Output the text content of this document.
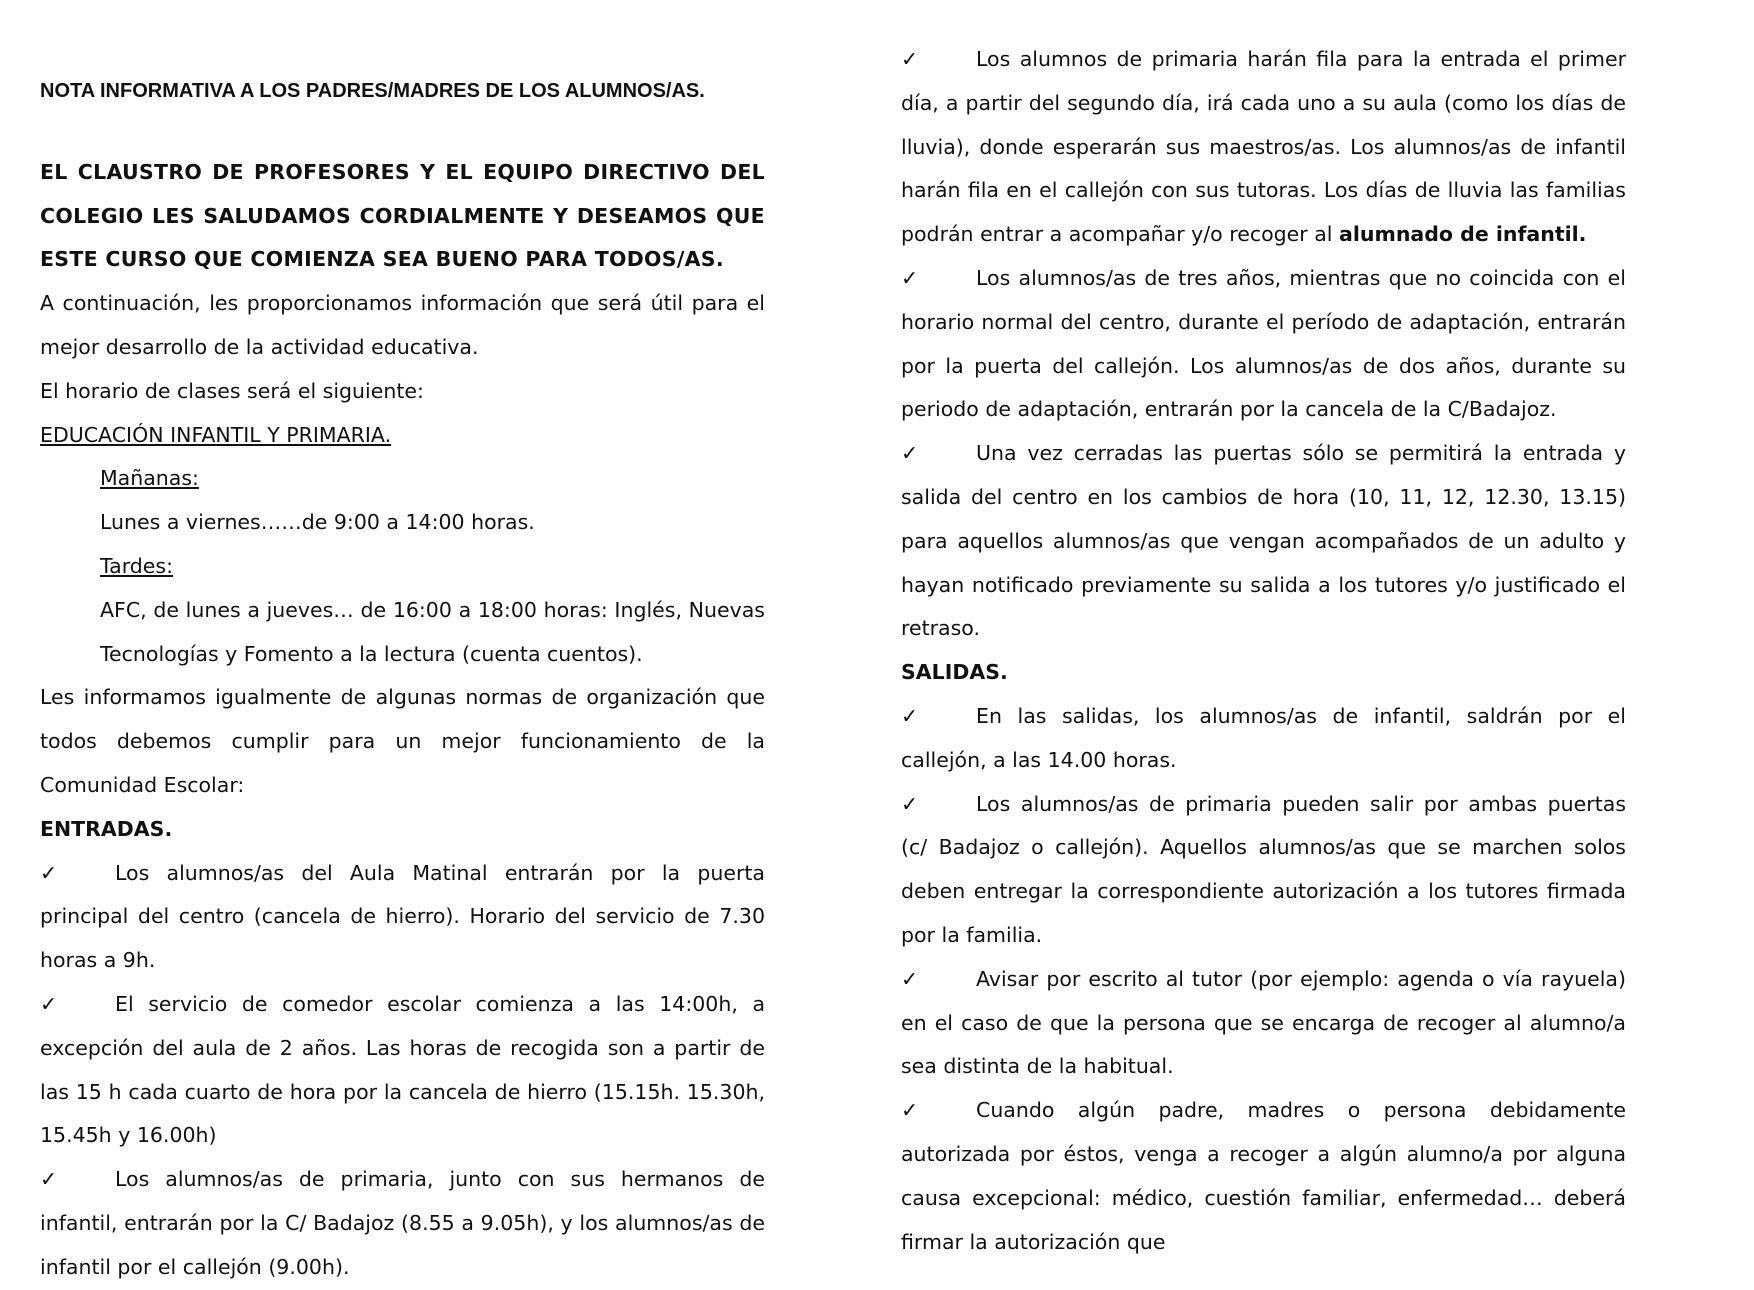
NOTA INFORMATIVA A LOS PADRES/MADRES DE LOS ALUMNOS/AS.

EL CLAUSTRO DE PROFESORES Y EL EQUIPO DIRECTIVO DEL COLEGIO LES SALUDAMOS CORDIALMENTE Y DESEAMOS QUE ESTE CURSO QUE COMIENZA SEA BUENO PARA TODOS/AS.

A continuación, les proporcionamos información que será útil para el mejor desarrollo de la actividad educativa.

El horario de clases será el siguiente:

EDUCACIÓN INFANTIL Y PRIMARIA.

Mañanas:

Lunes a viernes……de 9:00 a 14:00 horas.

Tardes:

AFC, de lunes a jueves… de 16:00 a 18:00 horas: Inglés, Nuevas Tecnologías y Fomento a la lectura (cuenta cuentos).

Les informamos igualmente de algunas normas de organización que todos debemos cumplir para un mejor funcionamiento de la Comunidad Escolar:

ENTRADAS.

✓	Los alumnos/as del Aula Matinal entrarán por la puerta principal del centro (cancela de hierro). Horario del servicio de 7.30 horas a 9h.

✓	El servicio de comedor escolar comienza a las 14:00h, a excepción del aula de 2 años. Las horas de recogida son a partir de las 15 h cada cuarto de hora por la cancela de hierro (15.15h. 15.30h, 15.45h y 16.00h)

✓	Los alumnos/as de primaria, junto con sus hermanos de infantil, entrarán por la C/ Badajoz (8.55 a 9.05h), y los alumnos/as de infantil por el callejón (9.00h).

✓	Los alumnos de primaria harán fila para la entrada el primer día, a partir del segundo día, irá cada uno a su aula (como los días de lluvia), donde esperarán sus maestros/as. Los alumnos/as de infantil harán fila en el callejón con sus tutoras. Los días de lluvia las familias podrán entrar a acompañar y/o recoger al alumnado de infantil.

✓	Los alumnos/as de tres años, mientras que no coincida con el horario normal del centro, durante el período de adaptación, entrarán por la puerta del callejón. Los alumnos/as de dos años, durante su periodo de adaptación, entrarán por la cancela de la C/Badajoz.

✓	Una vez cerradas las puertas sólo se permitirá la entrada y salida del centro en los cambios de hora (10, 11, 12, 12.30, 13.15) para aquellos alumnos/as que vengan acompañados de un adulto y hayan notificado previamente su salida a los tutores y/o justificado el retraso.

SALIDAS.

✓	En las salidas, los alumnos/as de infantil, saldrán por el callejón, a las 14.00 horas.

✓	Los alumnos/as de primaria pueden salir por ambas puertas (c/ Badajoz o callejón). Aquellos alumnos/as que se marchen solos deben entregar la correspondiente autorización a los tutores firmada por la familia.

✓	Avisar por escrito al tutor (por ejemplo: agenda o vía rayuela) en el caso de que la persona que se encarga de recoger al alumno/a sea distinta de la habitual.

✓	Cuando algún padre, madres o persona debidamente autorizada por éstos, venga a recoger a algún alumno/a por alguna causa excepcional: médico, cuestión familiar, enfermedad… deberá firmar la autorización que
